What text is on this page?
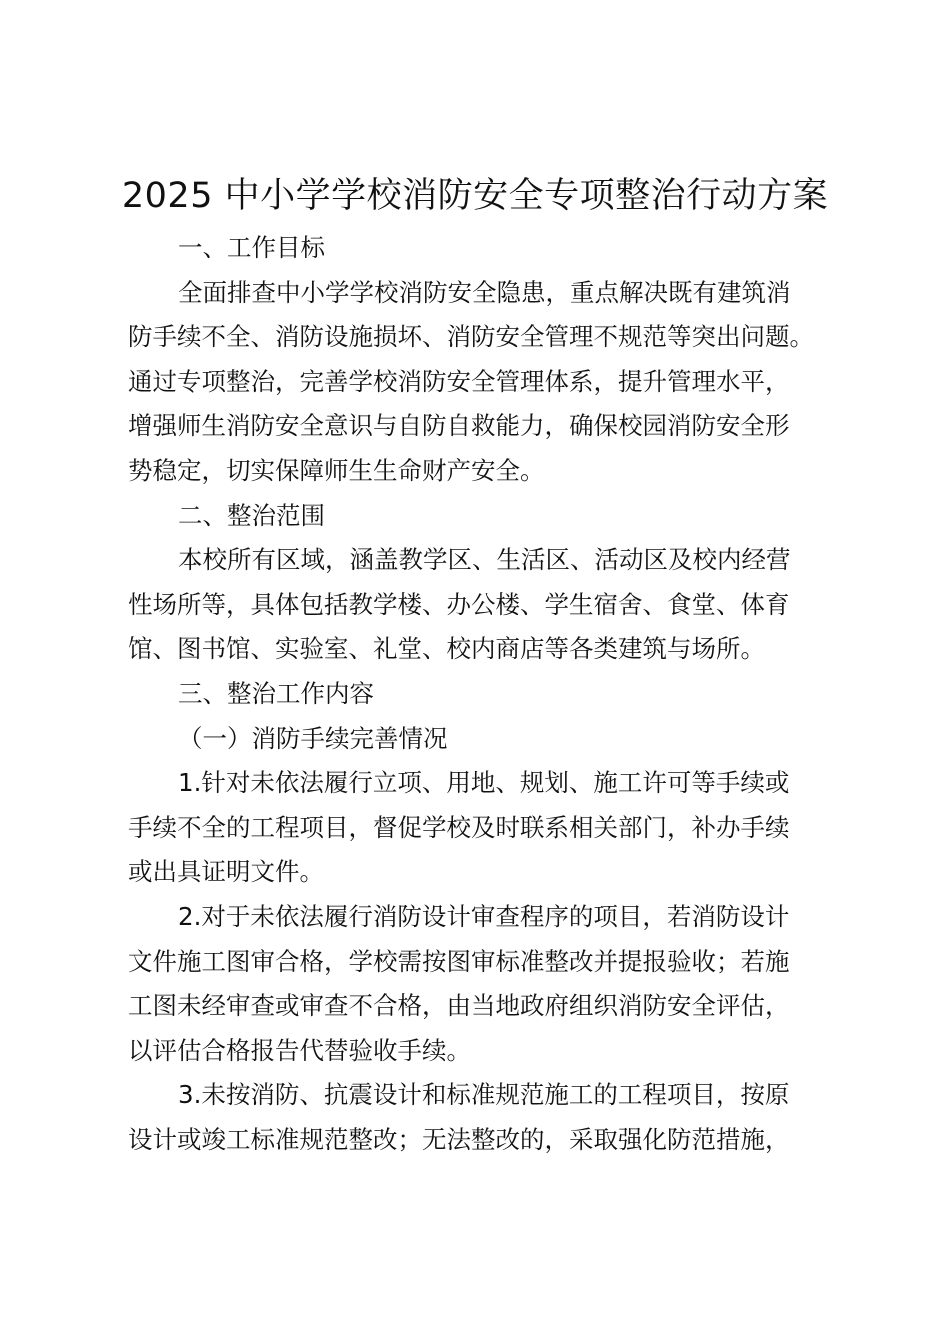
2025 中小学学校消防安全专项整治行动方案
一、工作目标
全面排查中小学学校消防安全隐患，重点解决既有建筑消
防手续不全、消防设施损坏、消防安全管理不规范等突出问题。
通过专项整治，完善学校消防安全管理体系，提升管理水平，
增强师生消防安全意识与自防自救能力，确保校园消防安全形
势稳定，切实保障师生生命财产安全。
二、整治范围
本校所有区域，涵盖教学区、生活区、活动区及校内经营
性场所等，具体包括教学楼、办公楼、学生宿舍、食堂、体育
馆、图书馆、实验室、礼堂、校内商店等各类建筑与场所。
三、整治工作内容
（一）消防手续完善情况
1.针对未依法履行立项、用地、规划、施工许可等手续或
手续不全的工程项目，督促学校及时联系相关部门，补办手续
或出具证明文件。
2.对于未依法履行消防设计审查程序的项目，若消防设计
文件施工图审合格，学校需按图审标准整改并提报验收；若施
工图未经审查或审查不合格，由当地政府组织消防安全评估，
以评估合格报告代替验收手续。
3.未按消防、抗震设计和标准规范施工的工程项目，按原
设计或竣工标准规范整改；无法整改的，采取强化防范措施，
